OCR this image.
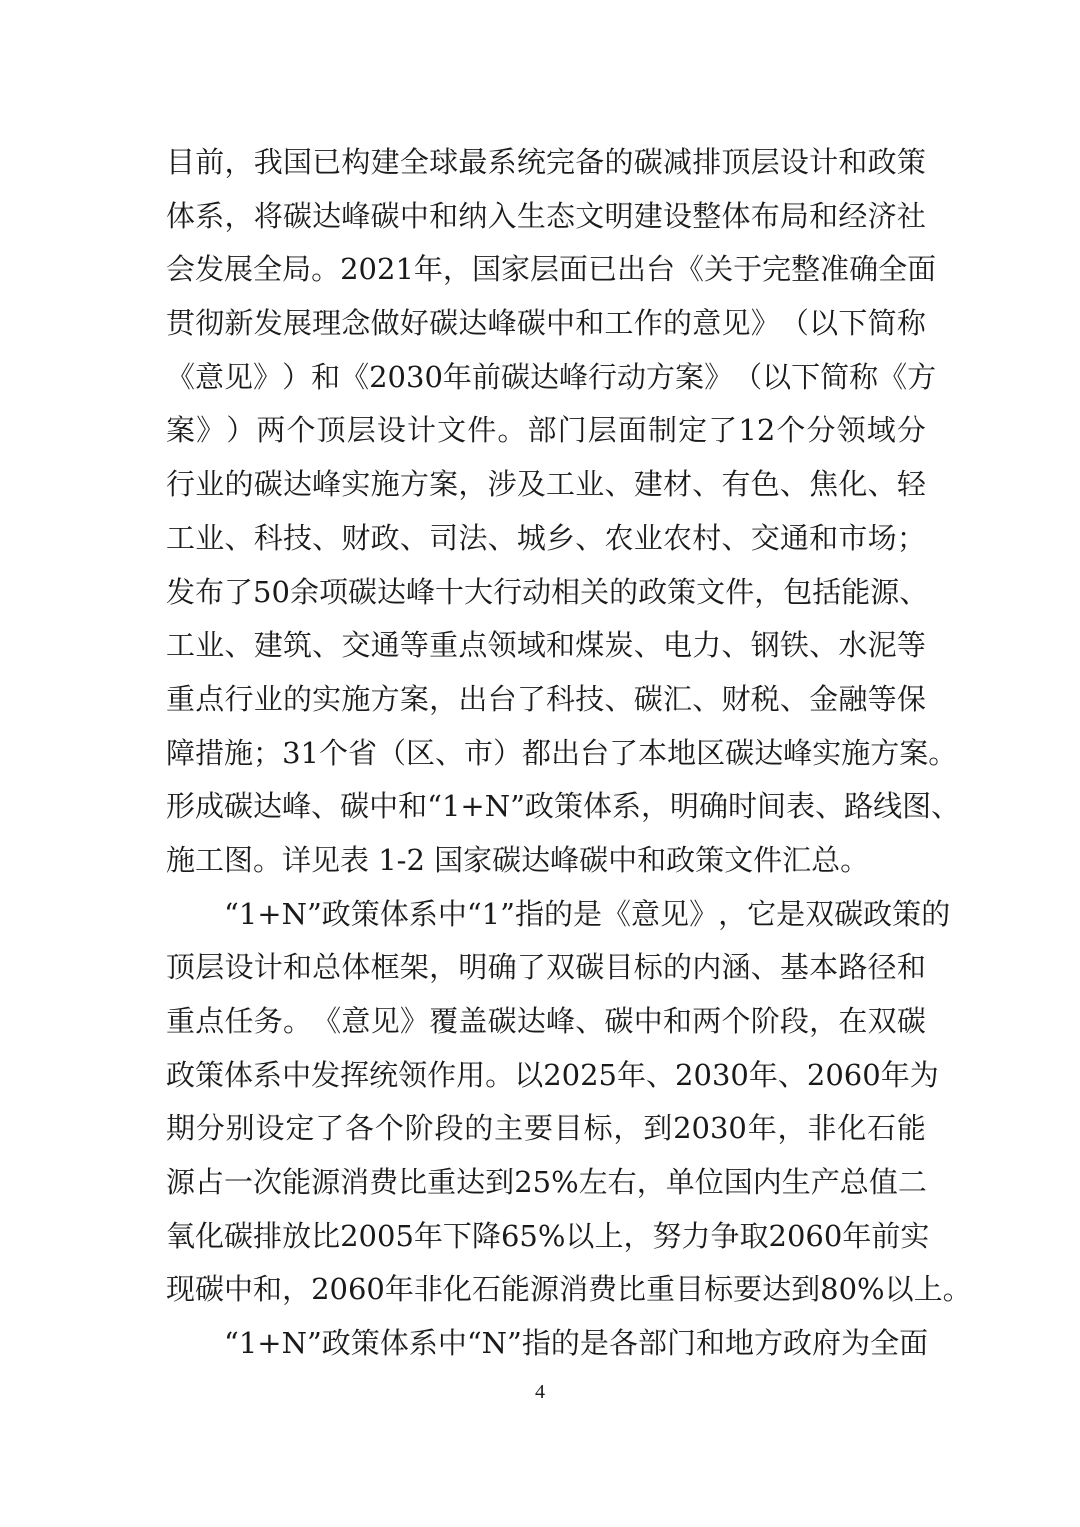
目 前 ， 我 国 已 构 建 全 球 最 系 统 完 备 的 碳 减 排 顶 层 设 计 和 政 策
体 系 ， 将 碳 达 峰 碳 中 和 纳 入 生 态 文 明 建 设 整 体 布 局 和 经 济 社
会 发 展 全 局 。 2021 年 ， 国 家 层 面 已 出 台 《 关 于 完 整 准 确 全 面
贯 彻 新 发 展 理 念 做 好 碳 达 峰 碳 中 和 工 作 的 意 见 》 （ 以 下 简 称
《 意 见 》 ） 和 《 2030 年 前 碳 达 峰 行 动 方 案 》 （ 以 下 简 称 《 方
案 》 ） 两 个 顶 层 设 计 文 件 。 部 门 层 面 制 定 了 12 个 分 领 域 分
行 业 的 碳 达 峰 实 施 方 案 ， 涉 及 工 业 、 建 材 、 有 色 、 焦 化 、 轻
工 业 、 科 技 、 财 政 、 司 法 、 城 乡 、 农 业 农 村 、 交 通 和 市 场 ；
发 布 了 50 余 项 碳 达 峰 十 大 行 动 相 关 的 政 策 文 件 ， 包 括 能 源 、
工 业 、 建 筑 、 交 通 等 重 点 领 域 和 煤 炭 、 电 力 、 钢 铁 、 水 泥 等
重 点 行 业 的 实 施 方 案 ， 出 台 了 科 技 、 碳 汇 、 财 税 、 金 融 等 保
障 措 施 ； 31 个 省 （ 区 、 市 ） 都 出 台 了 本 地 区 碳 达 峰 实 施 方 案 。
形 成 碳 达 峰 、 碳 中 和 “1+N” 政 策 体 系 ， 明 确 时 间 表 、 路 线 图 、
施工图。详见表 1-2 国家碳达峰碳中和政策文件汇总。
“1+N” 政 策 体 系 中 “1” 指 的 是 《 意 见 》 ， 它 是 双 碳 政 策 的
顶 层 设 计 和 总 体 框 架 ， 明 确 了 双 碳 目 标 的 内 涵 、 基 本 路 径 和
重 点 任 务 。 《 意 见 》 覆 盖 碳 达 峰 、 碳 中 和 两 个 阶 段 ， 在 双 碳
政 策 体 系 中 发 挥 统 领 作 用 。 以 2025 年 、 2030 年 、 2060 年 为
期 分 别 设 定 了 各 个 阶 段 的 主 要 目 标 ， 到 2030 年 ， 非 化 石 能
源 占 一 次 能 源 消 费 比 重 达 到 25% 左 右 ， 单 位 国 内 生 产 总 值 二
氧 化 碳 排 放 比 2005 年 下 降 65% 以 上 ， 努 力 争 取 2060 年 前 实
现 碳 中 和 ， 2060 年 非 化 石 能 源 消 费 比 重 目 标 要 达 到 80% 以 上 。
“1+N” 政 策 体 系 中 “N” 指 的 是 各 部 门 和 地 方 政 府 为 全 面
4
